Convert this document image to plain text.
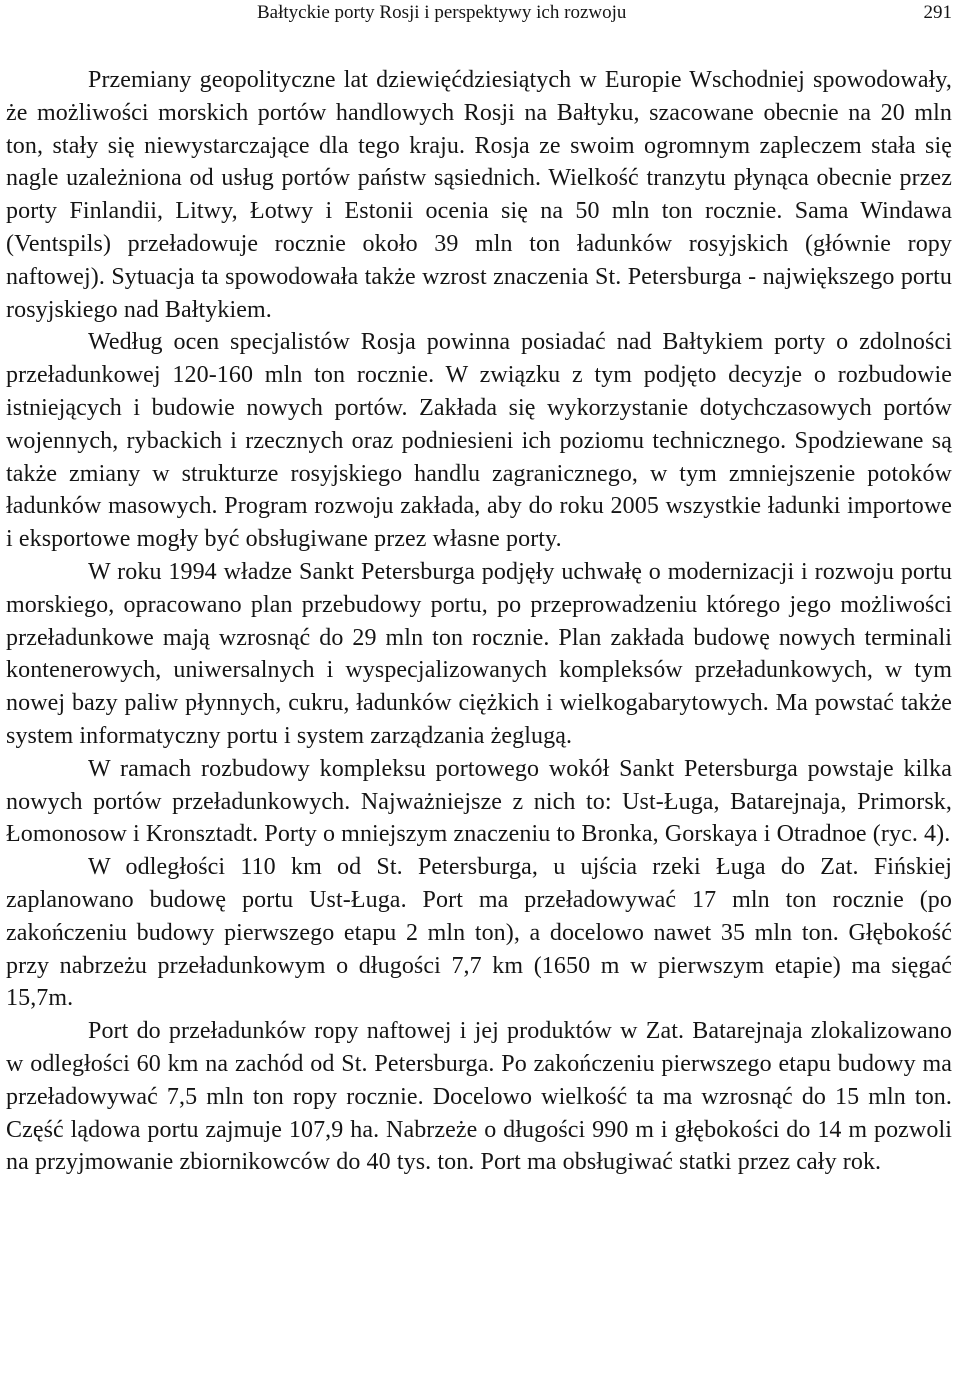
Bałtyckie porty Rosji i perspektywy ich rozwoju	291

Przemiany geopolityczne lat dziewięćdziesiątych w Europie Wschodniej spowodowały, że możliwości morskich portów handlowych Rosji na Bałtyku, szacowane obecnie na 20 mln ton, stały się niewystarczające dla tego kraju. Rosja ze swoim ogromnym zapleczem stała się nagle uzależniona od usług portów państw sąsiednich. Wielkość tranzytu płynąca obecnie przez porty Finlandii, Litwy, Łotwy i Estonii ocenia się na 50 mln ton rocznie. Sama Windawa (Ventspils) przeładowuje rocznie około 39 mln ton ładunków rosyjskich (głównie ropy naftowej). Sytuacja ta spowodowała także wzrost znaczenia St. Petersburga - największego portu rosyjskiego nad Bałtykiem.

Według ocen specjalistów Rosja powinna posiadać nad Bałtykiem porty o zdolności przeładunkowej 120-160 mln ton rocznie. W związku z tym podjęto decyzje o rozbudowie istniejących i budowie nowych portów. Zakłada się wykorzystanie dotychczasowych portów wojennych, rybackich i rzecznych oraz podniesieni ich poziomu technicznego. Spodziewane są także zmiany w strukturze rosyjskiego handlu zagranicznego, w tym zmniejszenie potoków ładunków masowych. Program rozwoju zakłada, aby do roku 2005 wszystkie ładunki importowe i eksportowe mogły być obsługiwane przez własne porty.

W roku 1994 władze Sankt Petersburga podjęły uchwałę o modernizacji i rozwoju portu morskiego, opracowano plan przebudowy portu, po przeprowadzeniu którego jego możliwości przeładunkowe mają wzrosnąć do 29 mln ton rocznie. Plan zakłada budowę nowych terminali kontenerowych, uniwersalnych i wyspecjalizowanych kompleksów przeładunkowych, w tym nowej bazy paliw płynnych, cukru, ładunków ciężkich i wielkogabarytowych. Ma powstać także system informatyczny portu i system zarządzania żeglugą.

W ramach rozbudowy kompleksu portowego wokół Sankt Petersburga powstaje kilka nowych portów przeładunkowych. Najważniejsze z nich to: Ust-Ługa, Batarejnaja, Primorsk, Łomonosow i Kronsztadt. Porty o mniejszym znaczeniu to Bronka, Gorskaya i Otradnoe (ryc. 4).

W odległości 110 km od St. Petersburga, u ujścia rzeki Ługa do Zat. Fińskiej zaplanowano budowę portu Ust-Ługa. Port ma przeładowywać 17 mln ton rocznie (po zakończeniu budowy pierwszego etapu 2 mln ton), a docelowo nawet 35 mln ton. Głębokość przy nabrzeżu przeładunkowym o długości 7,7 km (1650 m w pierwszym etapie) ma sięgać 15,7m.

Port do przeładunków ropy naftowej i jej produktów w Zat. Batarejnaja zlokalizowano w odległości 60 km na zachód od St. Petersburga. Po zakończeniu pierwszego etapu budowy ma przeładowywać 7,5 mln ton ropy rocznie. Docelowo wielkość ta ma wzrosnąć do 15 mln ton. Część lądowa portu zajmuje 107,9 ha. Nabrzeże o długości 990 m i głębokości do 14 m pozwoli na przyjmowanie zbiornikowców do 40 tys. ton. Port ma obsługiwać statki przez cały rok.
